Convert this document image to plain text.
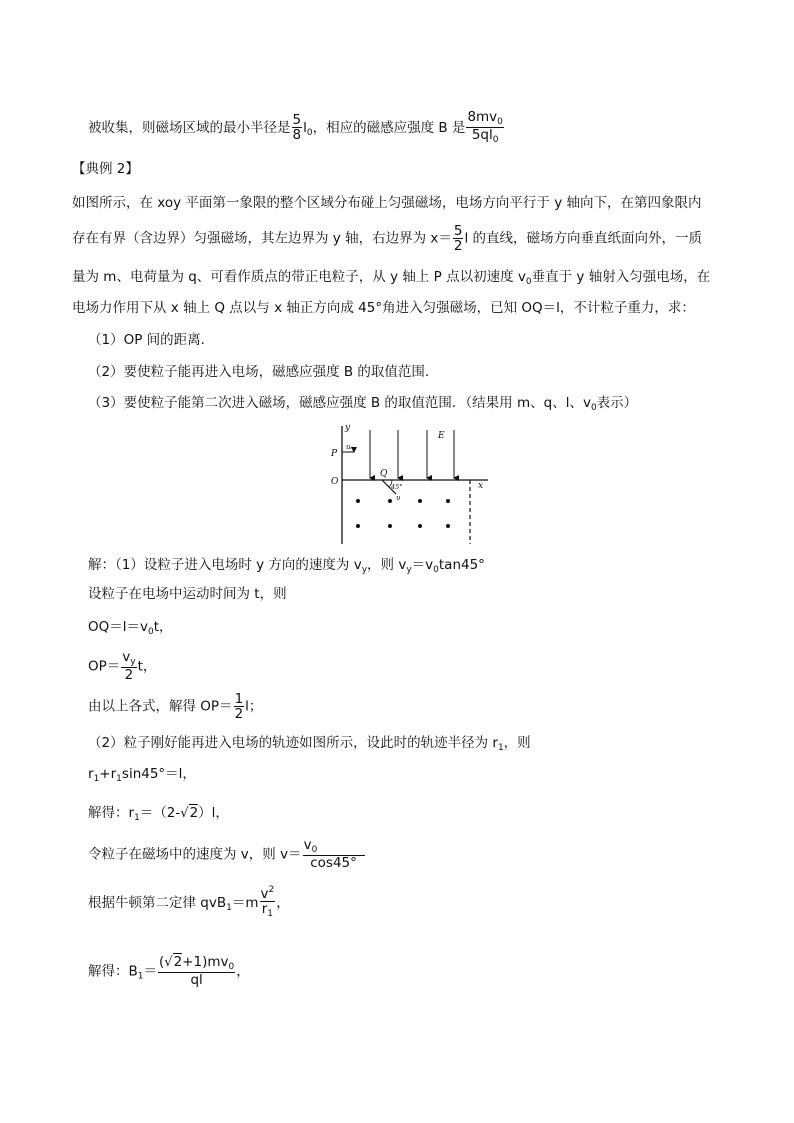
被收集，则磁场区域的最小半径是 $\frac{5}{8} l_0$，相应的磁感应强度 B 是 $\frac{8mv_0}{5ql_0}$
【典例 2】
如图所示，在 xoy 平面第一象限的整个区域分布碰上匀强磁场，电场方向平行于 y 轴向下，在第四象限内
存在有界（含边界）匀强磁场，其左边界为 y 轴，右边界为 $x= \frac{5}{2}$ l 的直线，磁场方向垂直纸面向外，一质
量为 m、电荷量为 q、可看作质点的带正电粒子，从 y 轴上 P 点以初速度 $v_0$垂直于 y 轴射入匀强电场，在
电场力作用下从 x 轴上 Q 点以与 x 轴正方向成 45°角进入匀强磁场，已知 OQ＝l，不计粒子重力，求：
（1）OP 间的距离．
（2）要使粒子能再进入电场，磁感应强度 B 的取值范围．
（3）要使粒子能第二次进入磁场，磁感应强度 B 的取值范围．（结果用 m、q、l、$v_0$表示）
y
x
P
O
Q
E
u₀
45°
υ
解：（1）设粒子进入电场时 y 方向的速度为 $v_y$，则 $v_y=v_0\tan 45^\circ$
设粒子在电场中运动时间为 t，则
$OQ=l=v_0t$，
$OP= \frac{v_y}{2}$ t，
由以上各式，解得 $OP= \frac{1}{2}$ l；
（2）粒子刚好能再进入电场的轨迹如图所示，设此时的轨迹半径为 $r_1$，则
$r_1+r_1\sin 45^\circ=l$，
解得：$r_1=(2-√2)l$，
令粒子在磁场中的速度为 v，则 $v= \frac{v_0}{\cos 45^\circ}$
根据牛顿第二定律 $qvB_1=m \frac{v^2}{r_1}$ ，
解得：$B_1= \frac{(√2+1)mv_0}{ql}$ ，
